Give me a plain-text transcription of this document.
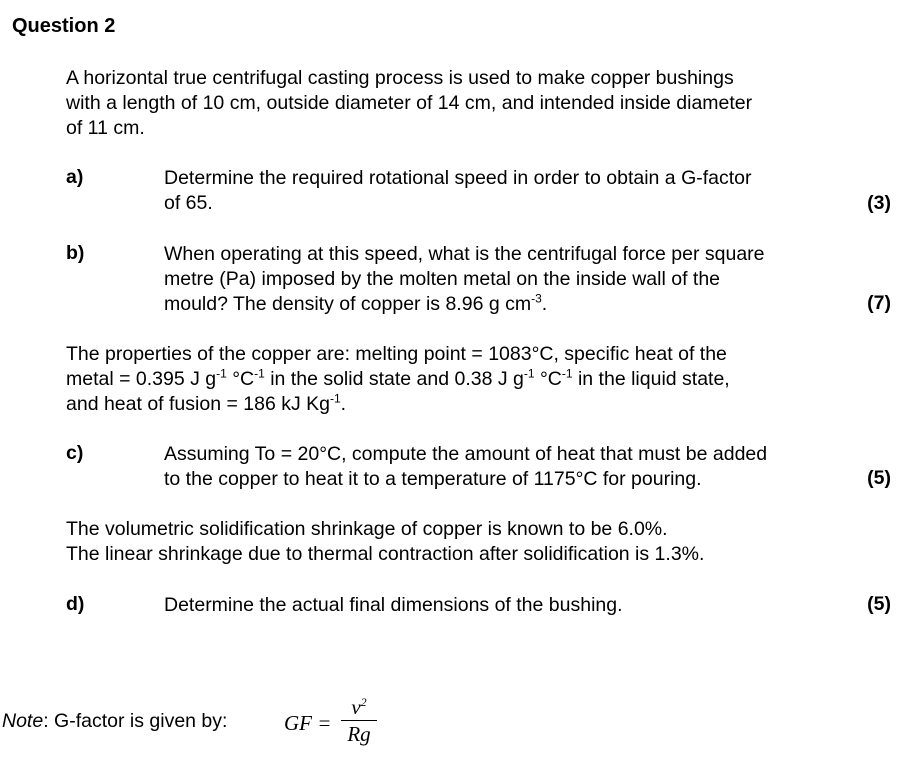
Question 2
A horizontal true centrifugal casting process is used to make copper bushings
with a length of 10 cm, outside diameter of 14 cm, and intended inside diameter
of 11 cm.
a)	Determine the required rotational speed in order to obtain a G-factor
of 65.	(3)
b)	When operating at this speed, what is the centrifugal force per square
metre (Pa) imposed by the molten metal on the inside wall of the
mould? The density of copper is 8.96 g $cm^{-3}$.	(7)
The properties of the copper are: melting point = 1083°C, specific heat of the
metal = 0.395 J $g^{-1}$ $^\circ C^{-1}$ in the solid state and 0.38 J $g^{-1}$ $^\circ C^{-1}$ in the liquid state,
and heat of fusion = 186 kJ $Kg^{-1}$.
c)	Assuming To = 20°C, compute the amount of heat that must be added
to the copper to heat it to a temperature of 1175°C for pouring.	(5)
The volumetric solidification shrinkage of copper is known to be 6.0%.
The linear shrinkage due to thermal contraction after solidification is 1.3%.
d)	Determine the actual final dimensions of the bushing.	(5)
Note: G-factor is given by:	GF =
$v^2$
Rg
